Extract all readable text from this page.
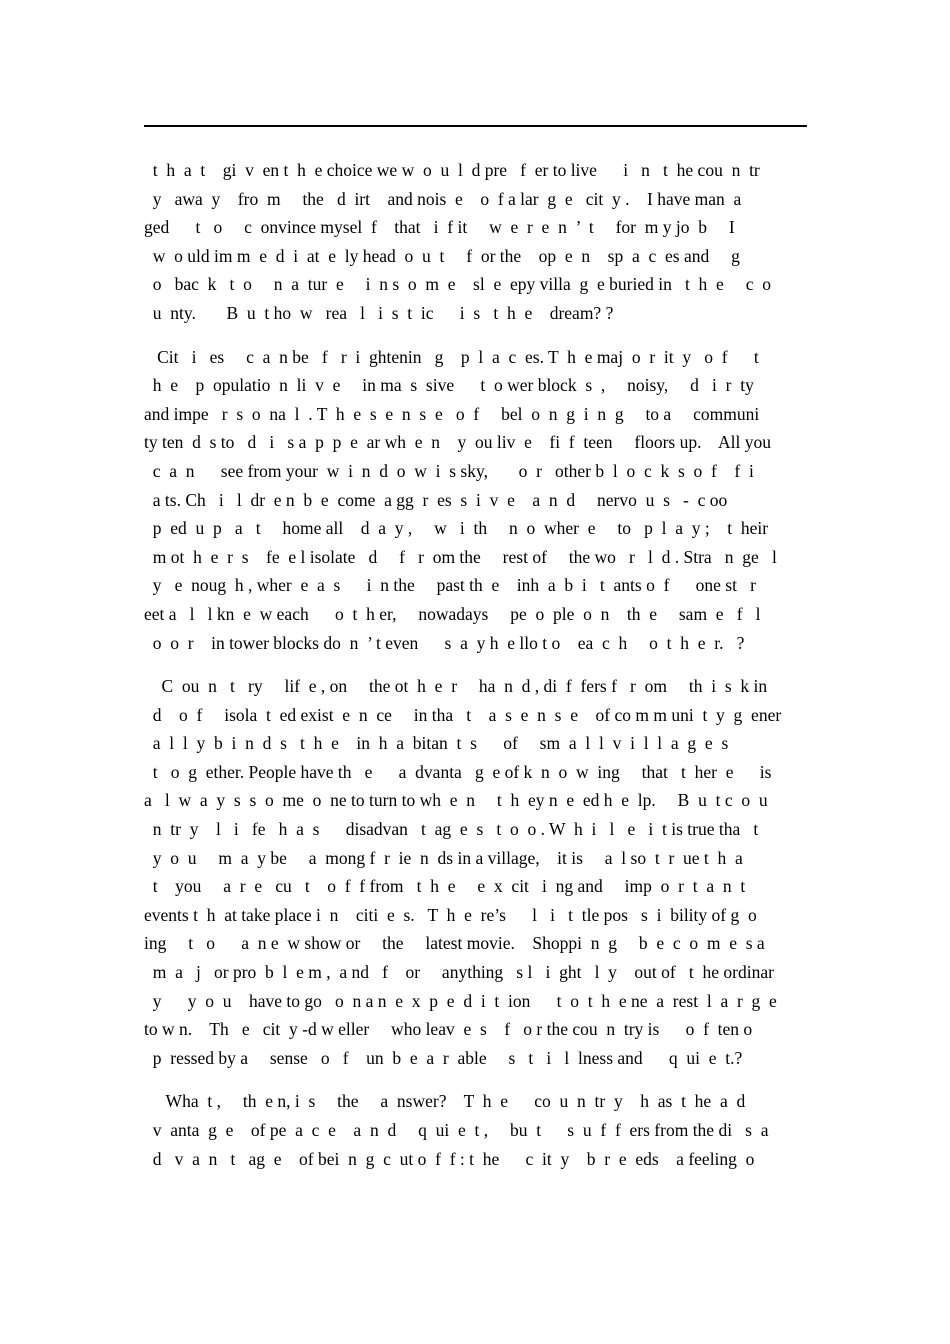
t  h  a  t    gi  v  en t  h  e choice we w  o  u  l  d pre   f  er to live      i   n   t  he cou  n  tr
y   awa  y    fro  m     the   d  irt    and nois  e    o  f a lar  g  e   cit  y .    I have man  a
ged      t   o     c  onvince mysel  f    that   i  f it     w  e  r  e  n  ’  t     for  m y jo  b     I
w  o uld im m  e  d  i  at  e  ly head  o  u  t     f  or the    op  e  n    sp  a  c  es and     g
o   bac  k   t  o     n  a  tur  e     i  n s  o  m  e    sl  e  epy villa  g  e buried in   t  h  e     c  o
u  nty.       B  u  t ho  w   rea   l   i  s  t  ic      i  s   t  h  e    dream? ?
Cit   i   es     c  a  n be   f   r  i  ghtenin   g    p  l  a  c  es. T  h  e maj  o  r  it  y   o  f      t
h  e    p  opulatio  n  li  v  e     in ma  s  sive      t  o wer block  s  ,     noisy,     d   i  r  ty
and impe   r  s  o  na  l  . T  h  e  s  e  n  s  e   o  f     bel  o  n  g  i  n  g     to a     communi
ty ten  d  s to   d   i   s a  p  p  e  ar wh  e  n    y  ou liv  e    fi  f  teen     floors up.    All you
c  a  n      see from your  w  i  n  d  o  w  i  s sky,       o  r   other b  l  o  c  k  s  o  f    f  i
a ts. Ch   i   l  dr  e n  b  e  come  a gg  r  es  s  i  v  e    a  n  d     nervo  u  s   -  c oo
p  ed  u  p   a   t     home all    d  a  y ,     w   i  th     n  o  wher  e     to   p  l  a  y ;    t  heir
m ot  h  e  r  s    fe  e l isolate   d     f   r  om the     rest of     the wo   r   l  d . Stra   n  ge   l
y   e  noug  h , wher  e  a  s      i  n the     past th  e    inh  a  b  i   t  ants o  f      one st   r
eet a   l   l kn  e  w each      o  t  h er,     nowadays     pe  o  ple  o  n    th  e     sam  e   f   l
o  o  r    in tower blocks do  n  ’ t even      s  a  y h  e llo t o    ea  c  h     o  t  h  e  r.   ?
C  ou  n   t   ry     lif  e , on     the ot  h  e  r     ha  n  d , di  f  fers f   r  om     th  i  s  k in
d    o  f     isola  t  ed exist  e  n  ce     in tha   t    a  s  e  n  s  e    of co m m uni  t  y  g  ener
a  l  l  y  b  i  n  d  s   t  h  e    in  h  a  bitan  t  s      of     sm  a  l  l  v  i  l  l  a  g  e  s
t   o  g  ether. People have th   e      a  dvanta   g  e of k  n  o  w  ing     that   t  her  e      is
a   l  w  a  y  s  s  o  me  o  ne to turn to wh  e  n     t  h  ey n  e  ed h  e  lp.     B  u  t c  o  u
n  tr  y    l   i   fe   h  a  s      disadvan   t  ag  e  s   t  o  o . W  h  i   l   e   i  t is true tha   t
y  o  u     m  a  y be     a  mong f  r  ie  n  ds in a village,    it is     a  l so  t  r  ue t  h  a
t    you     a  r  e   cu   t    o  f  f from   t  h  e     e  x  cit   i  ng and     imp  o  r  t  a  n  t
events t  h  at take place i  n    citi  e  s.   T  h  e  re’s      l   i   t  tle pos   s  i  bility of g  o
ing     t   o      a  n e  w show or     the     latest movie.    Shoppi  n  g     b  e  c  o  m  e  s a
m  a   j   or pro  b  l  e m ,  a nd   f    or     anything   s l   i  ght   l  y    out of   t  he ordinar
y      y  o  u    have to go   o  n a n  e  x  p  e  d  i  t  ion      t  o  t  h  e ne  a  rest  l  a  r  g  e
to w n.    Th   e   cit  y -d w eller     who leav  e  s    f   o r the cou  n  try is      o  f  ten o
p  ressed by a     sense   o   f    un  b  e  a  r  able     s   t   i   l  lness and      q  ui  e  t.?
Wha  t ,     th  e n, i  s     the     a  nswer?    T  h  e      co  u  n  tr  y    h  as  t  he  a  d
v  anta  g  e    of pe  a  c  e    a  n  d     q  ui  e  t ,     bu  t      s  u  f  f  ers from the di   s  a
d   v  a  n   t   ag  e    of bei  n  g  c  ut o  f  f : t  he      c  it  y    b  r  e  eds    a feeling  o
